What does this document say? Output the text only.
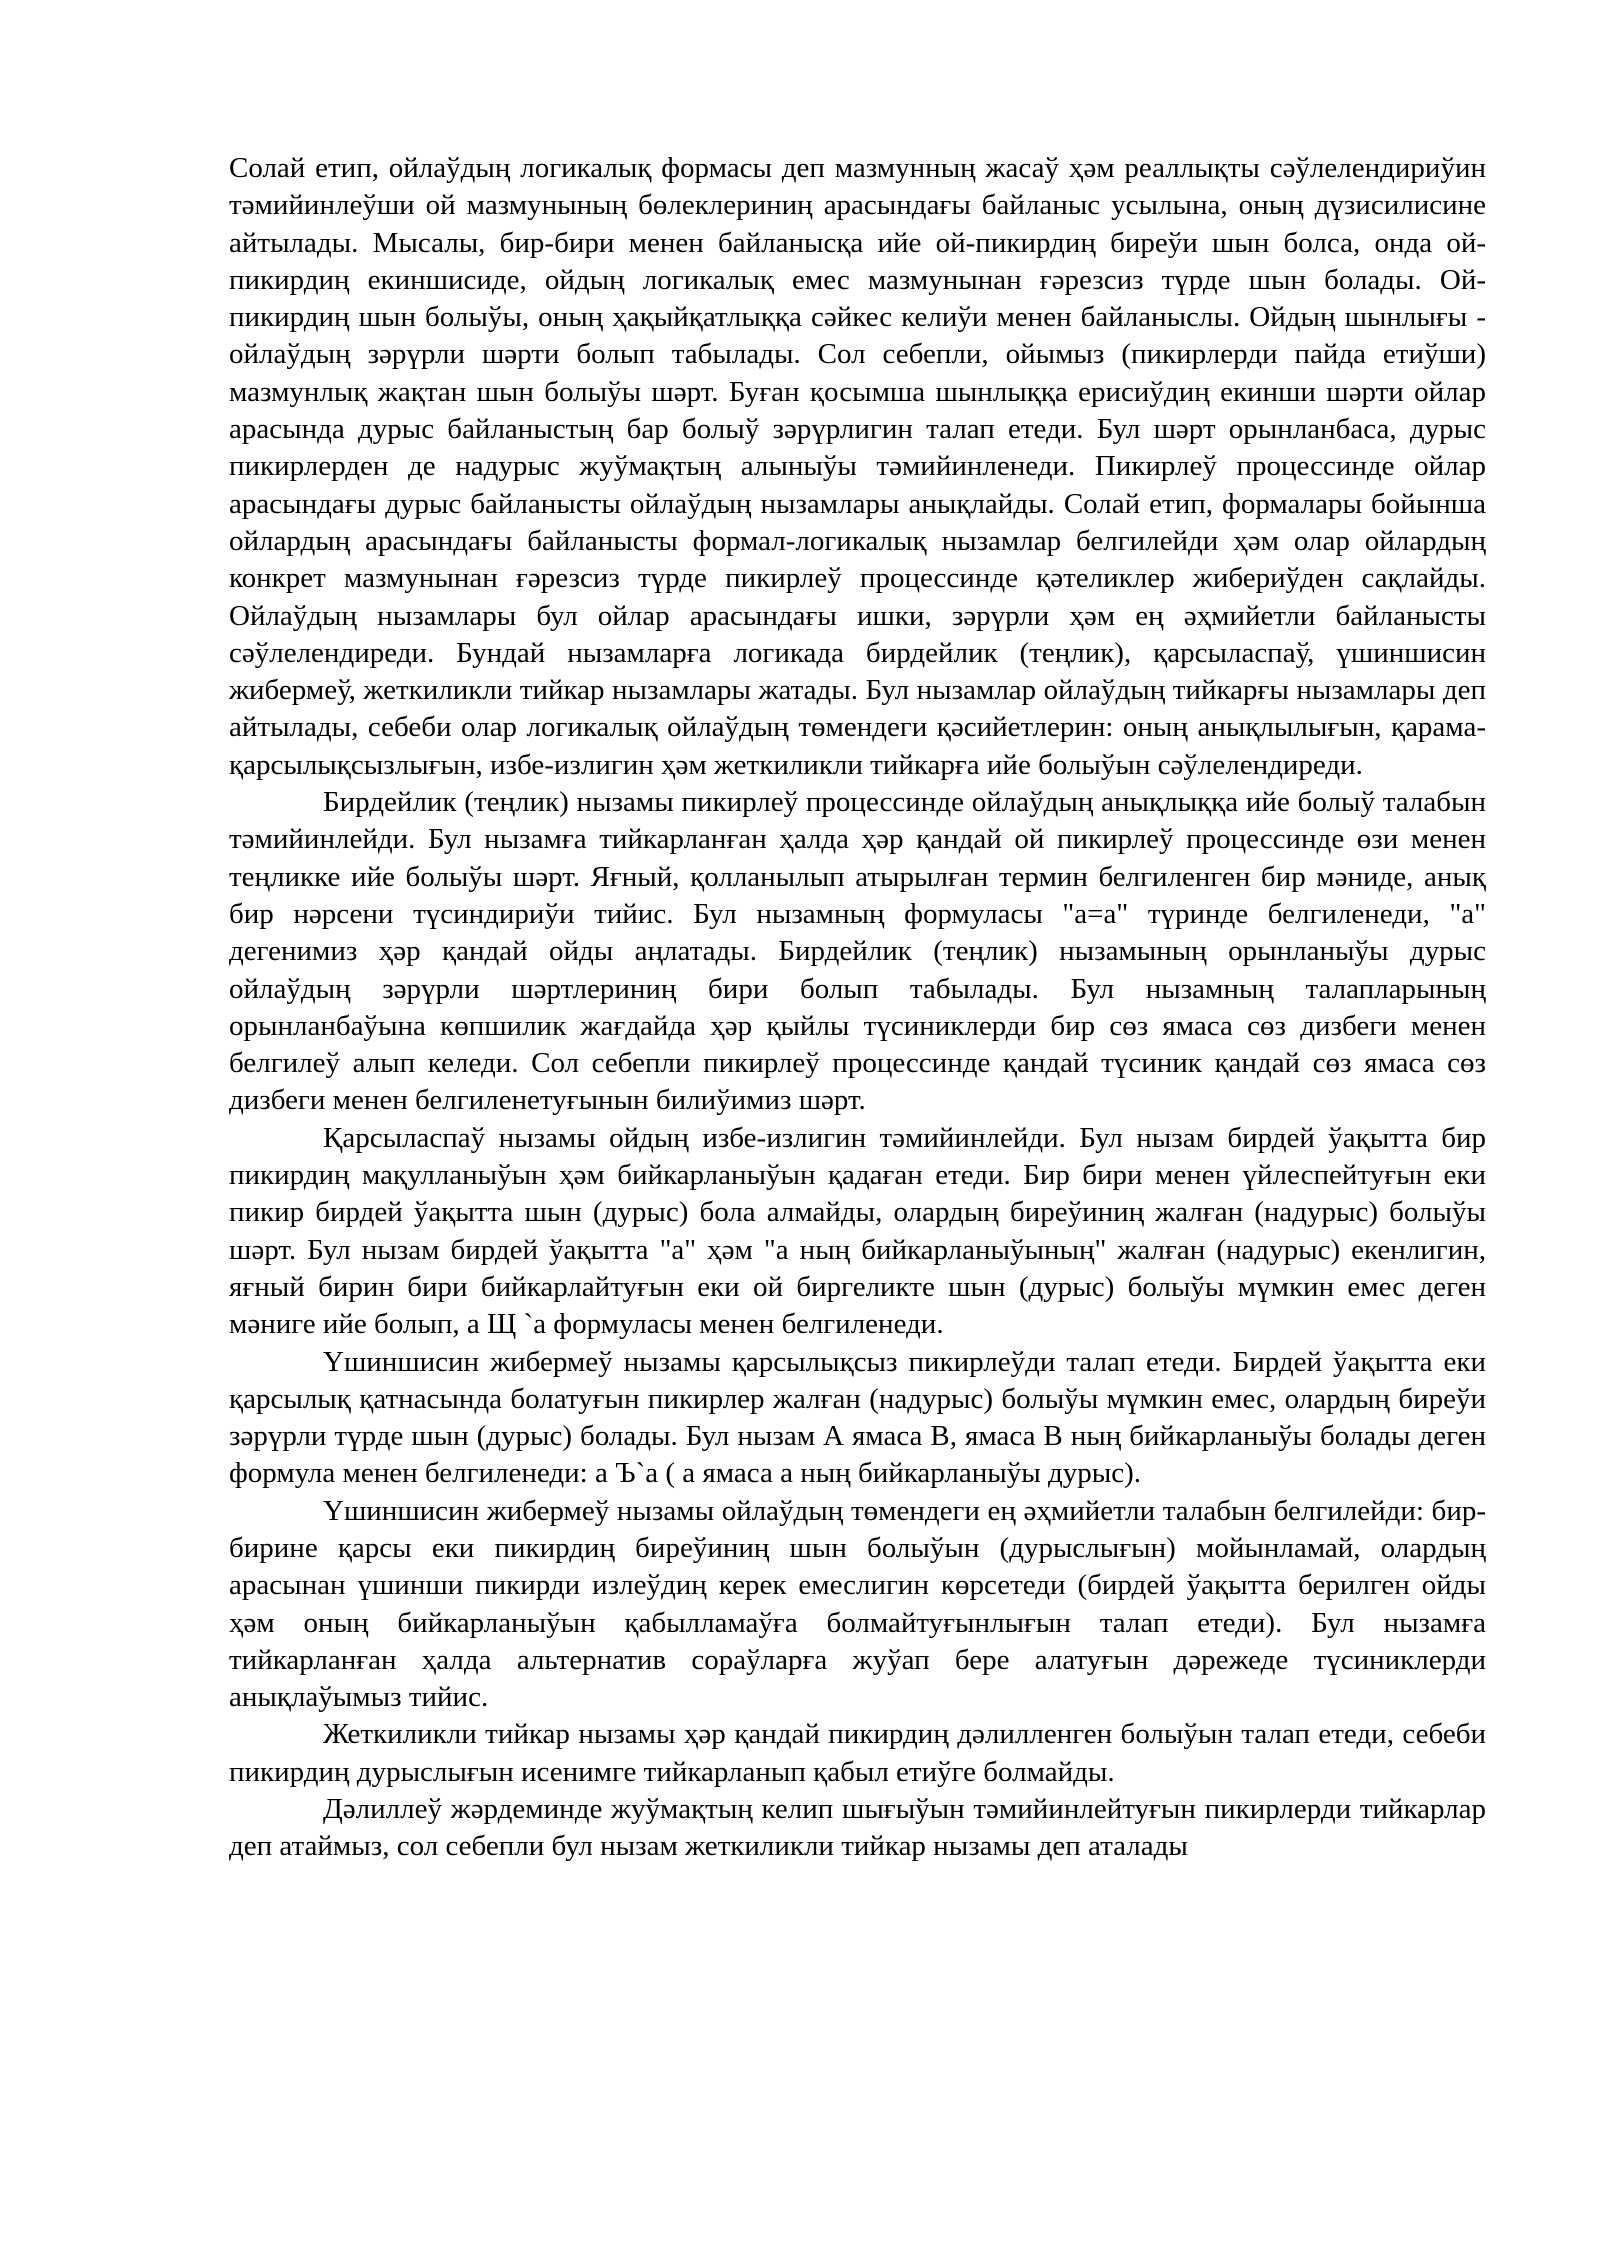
Солай етип, ойлаўдың логикалық формасы деп мазмунның жасаў ҳәм реаллықты сәўлелендириўин тәмийинлеўши ой мазмунының бөлеклериниң арасындағы байланыс усылына, оның дүзисилисине айтылады. Мысалы, бир-бири менен байланысқа ийе ой-пикирдиң биреўи шын болса, онда ой-пикирдиң екиншисиде, ойдың логикалық емес мазмунынан ғәрезсиз түрде шын болады. Ой-пикирдиң шын болыўы, оның ҳақыйқатлыққа сәйкес келиўи менен байланыслы. Ойдың шынлығы - ойлаўдың зәрүрли шәрти болып табылады. Сол себепли, ойымыз (пикирлерди пайда етиўши) мазмунлық жақтан шын болыўы шәрт. Буған қосымша шынлыққа ерисиўдиң екинши шәрти ойлар арасында дурыс байланыстың бар болыў зәрүрлигин талап етеди. Бул шәрт орынланбаса, дурыс пикирлерден де надурыс жуўмақтың алыныўы тәмийинленеди. Пикирлеў процессинде ойлар арасындағы дурыс байланысты ойлаўдың нызамлары анықлайды. Солай етип, формалары бойынша ойлардың арасындағы байланысты формал-логикалық нызамлар белгилейди ҳәм олар ойлардың конкрет мазмунынан ғәрезсиз түрде пикирлеў процессинде қәтеликлер жибериўден сақлайды. Ойлаўдың нызамлары бул ойлар арасындағы ишки, зәрүрли ҳәм ең әҳмийетли байланысты сәўлелендиреди. Бундай нызамларға логикада бирдейлик (теңлик), қарсыласпаў, үшиншисин жибермеў, жеткиликли тийкар нызамлары жатады. Бул нызамлар ойлаўдың тийкарғы нызамлары деп айтылады, себеби олар логикалық ойлаўдың төмендеги қәсийетлерин: оның анықлылығын, қарама-қарсылықсызлығын, избе-излигин ҳәм жеткиликли тийкарға ийе болыўын сәўлелендиреди.

Бирдейлик (теңлик) нызамы пикирлеў процессинде ойлаўдың анықлыққа ийе болыў талабын тәмийинлейди. Бул нызамға тийкарланған ҳалда ҳәр қандай ой пикирлеў процессинде өзи менен теңликке ийе болыўы шәрт. Яғный, қолланылып атырылған термин белгиленген бир мәниде, анық бир нәрсени түсиндириўи тийис. Бул нызамның формуласы "а=а" түринде белгиленеди, "а" дегенимиз ҳәр қандай ойды аңлатады. Бирдейлик (теңлик) нызамының орынланыўы дурыс ойлаўдың зәрүрли шәртлериниң бири болып табылады. Бул нызамның талапларының орынланбаўына көпшилик жағдайда ҳәр қыйлы түсиниклерди бир сөз ямаса сөз дизбеги менен белгилеў алып келеди. Сол себепли пикирлеў процессинде қандай түсиник қандай сөз ямаса сөз дизбеги менен белгиленетуғынын билиўимиз шәрт.

Қарсыласпаў нызамы ойдың избе-излигин тәмийинлейди. Бул нызам бирдей ўақытта бир пикирдиң мақулланыўын ҳәм бийкарланыўын қадаған етеди. Бир бири менен үйлеспейтуғын еки пикир бирдей ўақытта шын (дурыс) бола алмайды, олардың биреўиниң жалған (надурыс) болыўы шәрт. Бул нызам бирдей ўақытта "а" ҳәм "а ның бийкарланыўының" жалған (надурыс) екенлигин, яғный бирин бири бийкарлайтуғын еки ой биргеликте шын (дурыс) болыўы мүмкин емес деген мәниге ийе болып, а Щ `а формуласы менен белгиленеди.

Үшиншисин жибермеў нызамы қарсылықсыз пикирлеўди талап етеди. Бирдей ўақытта еки қарсылық қатнасында болатуғын пикирлер жалған (надурыс) болыўы мүмкин емес, олардың биреўи зәрүрли түрде шын (дурыс) болады. Бул нызам А ямаса В, ямаса В ның бийкарланыўы болады деген формула менен белгиленеди: а Ъ`а ( а ямаса а ның бийкарланыўы дурыс).

Үшиншисин жибермеў нызамы ойлаўдың төмендеги ең әҳмийетли талабын белгилейди: бир-бирине қарсы еки пикирдиң биреўиниң шын болыўын (дурыслығын) мойынламай, олардың арасынан үшинши пикирди излеўдиң керек емеслигин көрсетеди (бирдей ўақытта берилген ойды ҳәм оның бийкарланыўын қабылламаўға болмайтуғынлығын талап етеди). Бул нызамға тийкарланған ҳалда альтернатив сораўларға жуўап бере алатуғын дәрежеде түсиниклерди анықлаўымыз тийис.

Жеткиликли тийкар нызамы ҳәр қандай пикирдиң дәлилленген болыўын талап етеди, себеби пикирдиң дурыслығын исенимге тийкарланып қабыл етиўге болмайды.

Дәлиллеў жәрдеминде жуўмақтың келип шығыўын тәмийинлейтуғын пикирлерди тийкарлар деп атаймыз, сол себепли бул нызам жеткиликли тийкар нызамы деп аталады
